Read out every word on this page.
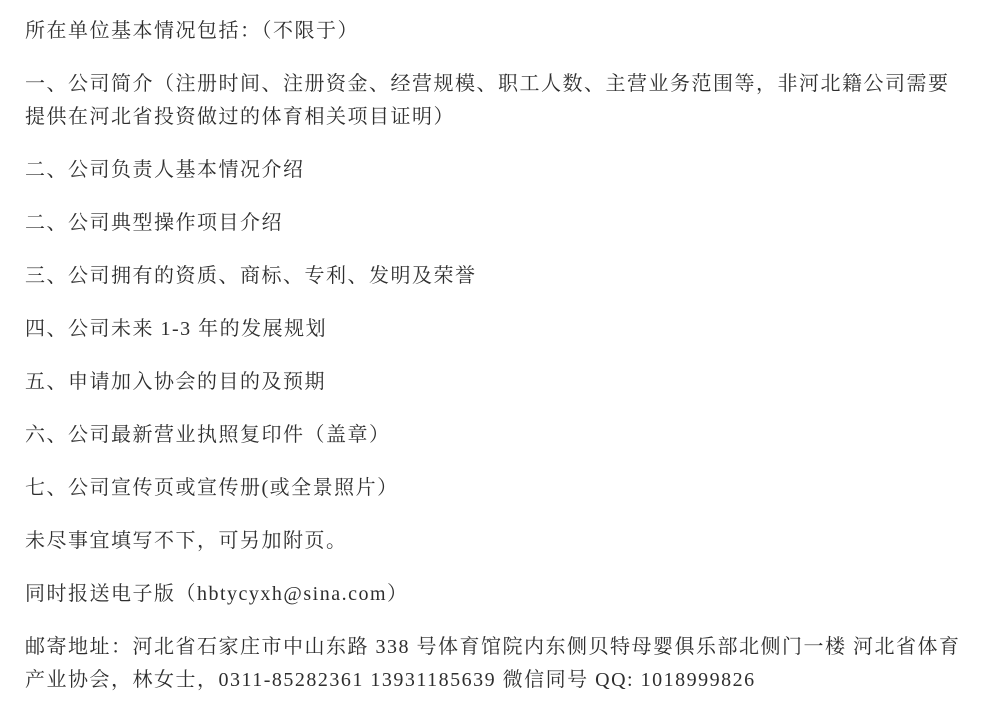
所在单位基本情况包括：（不限于）

一、公司简介（注册时间、注册资金、经营规模、职工人数、主营业务范围等，非河北籍公司需要提供在河北省投资做过的体育相关项目证明）

二、公司负责人基本情况介绍

二、公司典型操作项目介绍

三、公司拥有的资质、商标、专利、发明及荣誉

四、公司未来 1-3 年的发展规划

五、申请加入协会的目的及预期

六、公司最新营业执照复印件（盖章）

七、公司宣传页或宣传册(或全景照片）

未尽事宜填写不下，可另加附页。

同时报送电子版（hbtycyxh@sina.com）

邮寄地址：河北省石家庄市中山东路 338 号体育馆院内东侧贝特母婴俱乐部北侧门一楼 河北省体育产业协会，林女士，0311-85282361 13931185639 微信同号 QQ: 1018999826
